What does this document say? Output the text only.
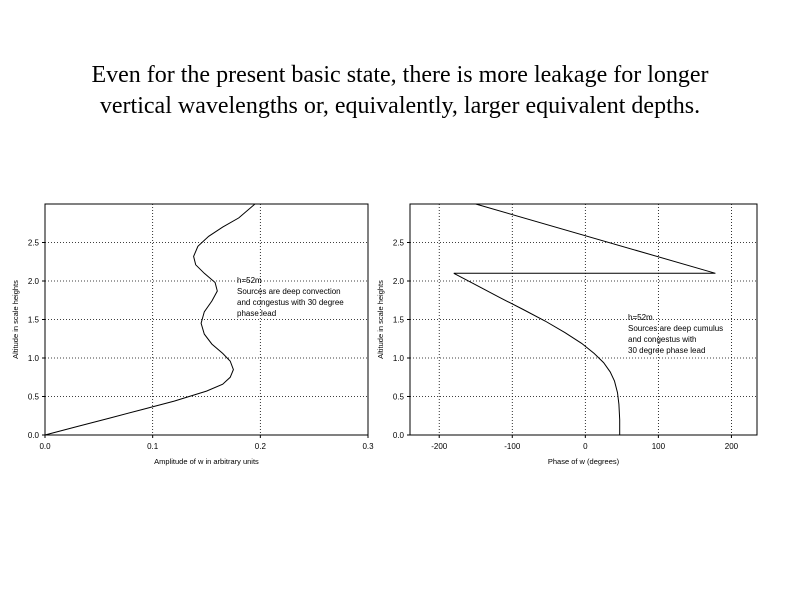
Even for the present basic state, there is more leakage for longer
vertical wavelengths or, equivalently, larger equivalent depths.
0.0	0.1	0.2	0.3
0.0
0.5
1.0
1.5
2.0
2.5
Amplitude of w in arbitrary units
Altitude in scale heights	h=52m
Sources are deep convection
and congestus with 30 degree
phase lead
-200	-100	0	100	200
0.0
0.5
1.0
1.5
2.0
2.5
Phase of w (degrees)
Altitude in scale heights	h=52m
Sources are deep cumulus
and congestus with
30 degree phase lead
